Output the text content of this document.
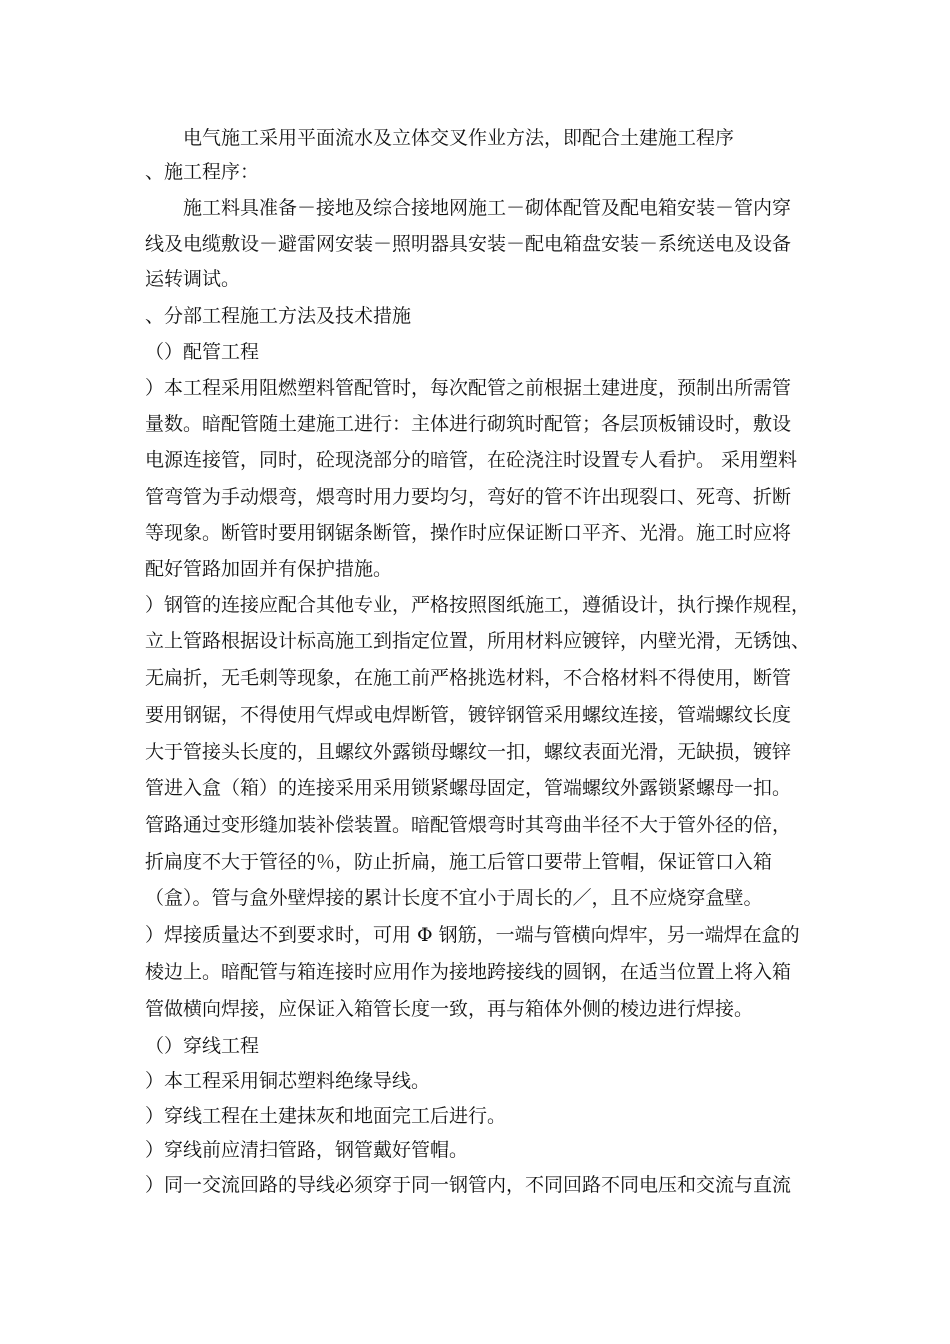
电气施工采用平面流水及立体交叉作业方法，即配合土建施工程序
、施工程序：
施工料具准备－接地及综合接地网施工－砌体配管及配电箱安装－管内穿
线及电缆敷设－避雷网安装－照明器具安装－配电箱盘安装－系统送电及设备
运转调试。
、分部工程施工方法及技术措施
（）配管工程
）本工程采用阻燃塑料管配管时，每次配管之前根据土建进度，预制出所需管
量数。暗配管随土建施工进行：主体进行砌筑时配管；各层顶板铺设时，敷设
电源连接管，同时，砼现浇部分的暗管，在砼浇注时设置专人看护。 采用塑料
管弯管为手动煨弯，煨弯时用力要均匀，弯好的管不许出现裂口、死弯、折断
等现象。断管时要用钢锯条断管，操作时应保证断口平齐、光滑。施工时应将
配好管路加固并有保护措施。
）钢管的连接应配合其他专业，严格按照图纸施工，遵循设计，执行操作规程，
立上管路根据设计标高施工到指定位置，所用材料应镀锌，内壁光滑，无锈蚀、
无扁折，无毛刺等现象，在施工前严格挑选材料，不合格材料不得使用，断管
要用钢锯，不得使用气焊或电焊断管，镀锌钢管采用螺纹连接，管端螺纹长度
大于管接头长度的，且螺纹外露锁母螺纹一扣，螺纹表面光滑，无缺损，镀锌
管进入盒（箱）的连接采用采用锁紧螺母固定，管端螺纹外露锁紧螺母一扣。
管路通过变形缝加装补偿装置。暗配管煨弯时其弯曲半径不大于管外径的倍，
折扁度不大于管径的％，防止折扁，施工后管口要带上管帽，保证管口入箱
（盒）。管与盒外壁焊接的累计长度不宜小于周长的／，且不应烧穿盒壁。
）焊接质量达不到要求时，可用 Φ 钢筋，一端与管横向焊牢，另一端焊在盒的
棱边上。暗配管与箱连接时应用作为接地跨接线的圆钢，在适当位置上将入箱
管做横向焊接，应保证入箱管长度一致，再与箱体外侧的棱边进行焊接。
（）穿线工程
）本工程采用铜芯塑料绝缘导线。
）穿线工程在土建抹灰和地面完工后进行。
）穿线前应清扫管路，钢管戴好管帽。
）同一交流回路的导线必须穿于同一钢管内，不同回路不同电压和交流与直流
